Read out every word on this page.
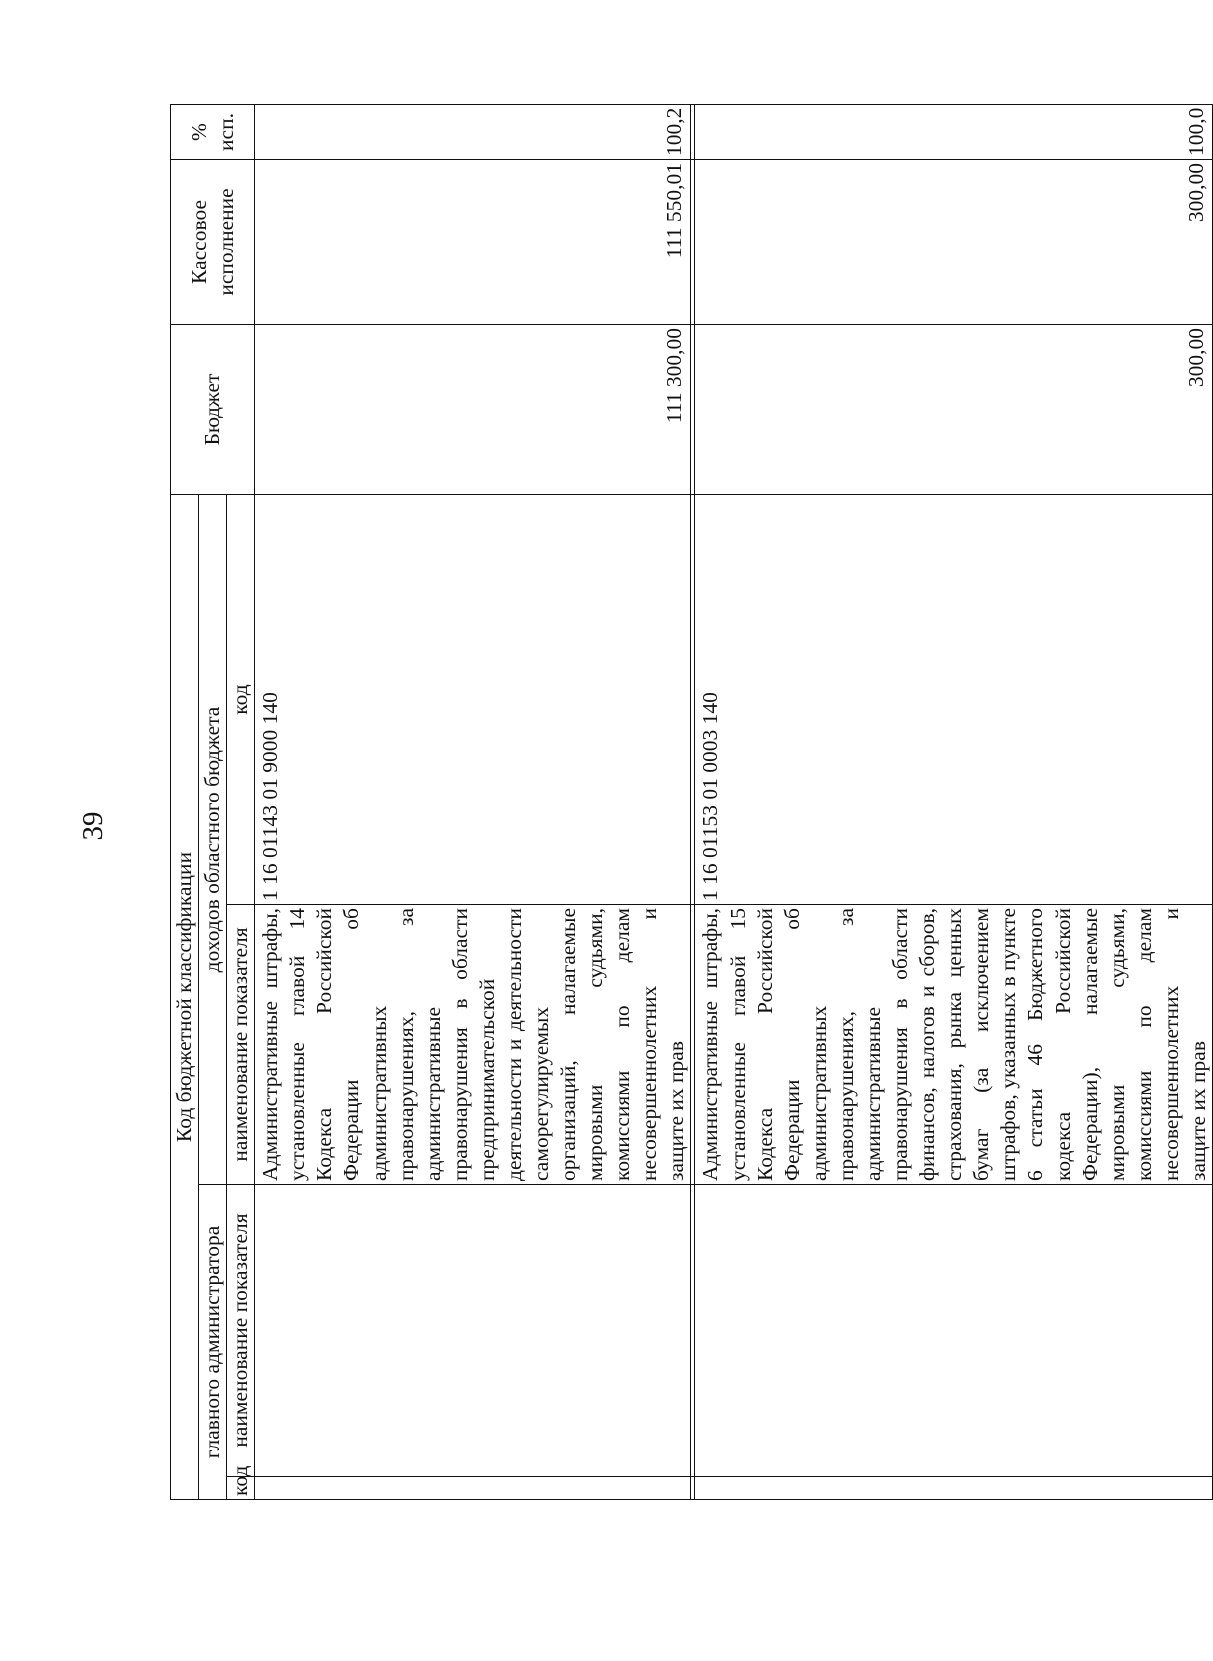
39
Код бюджетной классификации				Бюджет	Кассовое исполнение	% исп.
главного администратора		доходов областного бюджета				
код	наименование показателя	наименование показателя	код			
		Административные штрафы, установленные главой 14 Кодекса Российской Федерации об административных правонарушениях, за административные правонарушения в области предпринимательской деятельности и деятельности саморегулируемых организаций, налагаемые мировыми судьями, комиссиями по делам несовершеннолетних и защите их прав	1 16 01143 01 9000 140	111 300,00	111 550,01	100,2

		Административные штрафы, установленные главой 15 Кодекса Российской Федерации об административных правонарушениях, за административные правонарушения в области финансов, налогов и сборов, страхования, рынка ценных бумаг (за исключением штрафов, указанных в пункте 6 статьи 46 Бюджетного кодекса Российской Федерации), налагаемые мировыми судьями, комиссиями по делам несовершеннолетних и защите их прав	1 16 01153 01 0003 140	300,00	300,00	100,0
